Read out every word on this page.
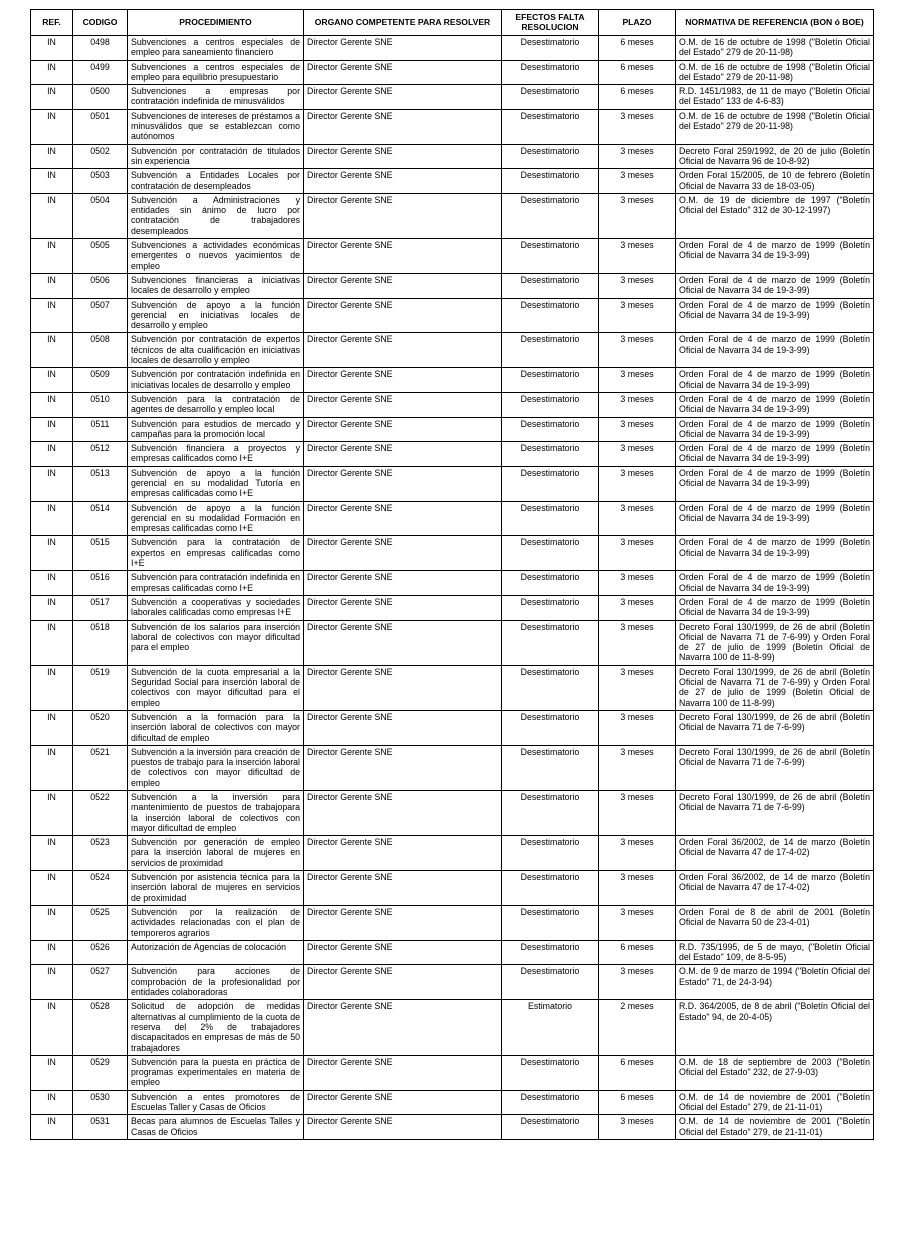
REF.	CODIGO	PROCEDIMIENTO	ORGANO COMPETENTE PARA RESOLVER	EFECTOS FALTA RESOLUCION	PLAZO	NORMATIVA DE REFERENCIA (BON ó BOE)
IN	0498	Subvenciones a centros especiales de empleo para saneamiento financiero	Director Gerente SNE	Desestimatorio	6 meses	O.M. de 16 de octubre de 1998 ("Boletín Oficial del Estado" 279 de 20-11-98)
IN	0499	Subvenciones a centros especiales de empleo para equilibrio presupuestario	Director Gerente SNE	Desestimatorio	6 meses	O.M. de 16 de octubre de 1998 ("Boletín Oficial del Estado" 279 de 20-11-98)
IN	0500	Subvenciones a empresas por contratación indefinida de minusválidos	Director Gerente SNE	Desestimatorio	6 meses	R.D. 1451/1983, de 11 de mayo ("Boletín Oficial del Estado" 133 de 4-6-83)
IN	0501	Subvenciones de intereses de préstamos a minusválidos que se establezcan como autónomos	Director Gerente SNE	Desestimatorio	3 meses	O.M. de 16 de octubre de 1998 ("Boletín Oficial del Estado" 279 de 20-11-98)
IN	0502	Subvención por contratación de titulados sin experiencia	Director Gerente SNE	Desestimatorio	3 meses	Decreto Foral 259/1992, de 20 de julio (Boletín Oficial de Navarra 96 de 10-8-92)
IN	0503	Subvención a Entidades Locales por contratación de desempleados	Director Gerente SNE	Desestimatorio	3 meses	Orden Foral 15/2005, de 10 de febrero (Boletín Oficial de Navarra 33 de 18-03-05)
IN	0504	Subvención a Administraciones y entidades sin ánimo de lucro por contratación de trabajadores desempleados	Director Gerente SNE	Desestimatorio	3 meses	O.M. de 19 de diciembre de 1997 ("Boletín Oficial del Estado" 312 de 30-12-1997)
IN	0505	Subvenciones a actividades económicas emergentes o nuevos yacimientos de empleo	Director Gerente SNE	Desestimatorio	3 meses	Orden Foral de 4 de marzo de 1999 (Boletín Oficial de Navarra 34 de 19-3-99)
IN	0506	Subvenciones financieras a iniciativas locales de desarrollo y empleo	Director Gerente SNE	Desestimatorio	3 meses	Orden Foral de 4 de marzo de 1999 (Boletín Oficial de Navarra 34 de 19-3-99)
IN	0507	Subvención de apoyo a la función gerencial en iniciativas locales de desarrollo y empleo	Director Gerente SNE	Desestimatorio	3 meses	Orden Foral de 4 de marzo de 1999 (Boletín Oficial de Navarra 34 de 19-3-99)
IN	0508	Subvención por contratación de expertos técnicos de alta cualificación en iniciativas locales de desarrollo y empleo	Director Gerente SNE	Desestimatorio	3 meses	Orden Foral de 4 de marzo de 1999 (Boletín Oficial de Navarra 34 de 19-3-99)
IN	0509	Subvención por contratación indefinida en iniciativas locales de desarrollo y empleo	Director Gerente SNE	Desestimatorio	3 meses	Orden Foral de 4 de marzo de 1999 (Boletín Oficial de Navarra 34 de 19-3-99)
IN	0510	Subvención para la contratación de agentes de desarrollo y empleo local	Director Gerente SNE	Desestimatorio	3 meses	Orden Foral de 4 de marzo de 1999 (Boletín Oficial de Navarra 34 de 19-3-99)
IN	0511	Subvención para estudios de mercado y campañas para la promoción local	Director Gerente SNE	Desestimatorio	3 meses	Orden Foral de 4 de marzo de 1999 (Boletín Oficial de Navarra 34 de 19-3-99)
IN	0512	Subvención financiera a proyectos y empresas calificados como I+E	Director Gerente SNE	Desestimatorio	3 meses	Orden Foral de 4 de marzo de 1999 (Boletín Oficial de Navarra 34 de 19-3-99)
IN	0513	Subvención de apoyo a la función gerencial en su modalidad Tutoría en empresas calificadas como I+E	Director Gerente SNE	Desestimatorio	3 meses	Orden Foral de 4 de marzo de 1999 (Boletín Oficial de Navarra 34 de 19-3-99)
IN	0514	Subvención de apoyo a la función gerencial en su modalidad Formación en empresas calificadas como I+E	Director Gerente SNE	Desestimatorio	3 meses	Orden Foral de 4 de marzo de 1999 (Boletín Oficial de Navarra 34 de 19-3-99)
IN	0515	Subvención para la contratación de expertos en empresas calificadas como I+E	Director Gerente SNE	Desestimatorio	3 meses	Orden Foral de 4 de marzo de 1999 (Boletín Oficial de Navarra 34 de 19-3-99)
IN	0516	Subvención para contratación indefinida en empresas calificadas como I+E	Director Gerente SNE	Desestimatorio	3 meses	Orden Foral de 4 de marzo de 1999 (Boletín Oficial de Navarra 34 de 19-3-99)
IN	0517	Subvención a cooperativas y sociedades laborales calificadas como empresas I+E	Director Gerente SNE	Desestimatorio	3 meses	Orden Foral de 4 de marzo de 1999 (Boletín Oficial de Navarra 34 de 19-3-99)
IN	0518	Subvención de los salarios para inserción laboral de colectivos con mayor dificultad para el empleo	Director Gerente SNE	Desestimatorio	3 meses	Decreto Foral 130/1999, de 26 de abril (Boletín Oficial de Navarra 71 de 7-6-99) y Orden Foral de 27 de julio de 1999 (Boletín Oficial de Navarra 100 de 11-8-99)
IN	0519	Subvención de la cuota empresarial a la Seguridad Social para inserción laboral de colectivos con mayor dificultad para el empleo	Director Gerente SNE	Desestimatorio	3 meses	Decreto Foral 130/1999, de 26 de abril (Boletín Oficial de Navarra 71 de 7-6-99) y Orden Foral de 27 de julio de 1999 (Boletín Oficial de Navarra 100 de 11-8-99)
IN	0520	Subvención a la formación para la inserción laboral de colectivos con mayor dificultad de empleo	Director Gerente SNE	Desestimatorio	3 meses	Decreto Foral 130/1999, de 26 de abril (Boletín Oficial de Navarra 71 de 7-6-99)
IN	0521	Subvención a la inversión para creación de puestos de trabajo para la inserción laboral de colectivos con mayor dificultad de empleo	Director Gerente SNE	Desestimatorio	3 meses	Decreto Foral 130/1999, de 26 de abril (Boletín Oficial de Navarra 71 de 7-6-99)
IN	0522	Subvención a la inversión para mantenimiento de puestos de trabajopara la inserción laboral de colectivos con mayor dificultad de empleo	Director Gerente SNE	Desestimatorio	3 meses	Decreto Foral 130/1999, de 26 de abril (Boletín Oficial de Navarra 71 de 7-6-99)
IN	0523	Subvención por generación de empleo para la inserción laboral de mujeres en servicios de proximidad	Director Gerente SNE	Desestimatorio	3 meses	Orden Foral 36/2002, de 14 de marzo (Boletín Oficial de Navarra 47 de 17-4-02)
IN	0524	Subvención por asistencia técnica para la inserción laboral de mujeres en servicios de proximidad	Director Gerente SNE	Desestimatorio	3 meses	Orden Foral 36/2002, de 14 de marzo (Boletín Oficial de Navarra 47 de 17-4-02)
IN	0525	Subvención por la realización de actividades relacionadas con el plan de temporeros agrarios	Director Gerente SNE	Desestimatorio	3 meses	Orden Foral de 8 de abril de 2001 (Boletín Oficial de Navarra 50 de 23-4-01)
IN	0526	Autorización de Agencias de colocación	Director Gerente SNE	Desestimatorio	6 meses	R.D. 735/1995, de 5 de mayo, ("Boletín Oficial del Estado" 109, de 8-5-95)
IN	0527	Subvención para acciones de comprobación de la profesionalidad por entidades colaboradoras	Director Gerente SNE	Desestimatorio	3 meses	O.M. de 9 de marzo de 1994 ("Boletín Oficial del Estado" 71, de 24-3-94)
IN	0528	Solicitud de adopción de medidas alternativas al cumplimiento de la cuota de reserva del 2% de trabajadores discapacitados en empresas de más de 50 trabajadores	Director Gerente SNE	Estimatorio	2 meses	R.D. 364/2005, de 8 de abril ("Boletín Oficial del Estado" 94, de 20-4-05)
IN	0529	Subvención para la puesta en práctica de programas experimentales en materia de empleo	Director Gerente SNE	Desestimatorio	6 meses	O.M. de 18 de septiembre de 2003 ("Boletín Oficial del Estado" 232, de 27-9-03)
IN	0530	Subvención a entes promotores de Escuelas Taller y Casas de Oficios	Director Gerente SNE	Desestimatorio	6 meses	O.M. de 14 de noviembre de 2001 ("Boletín Oficial del Estado" 279, de 21-11-01)
IN	0531	Becas para alumnos de Escuelas Talles y Casas de Oficios	Director Gerente SNE	Desestimatorio	3 meses	O.M. de 14 de noviembre de 2001 ("Boletín Oficial del Estado" 279, de 21-11-01)
